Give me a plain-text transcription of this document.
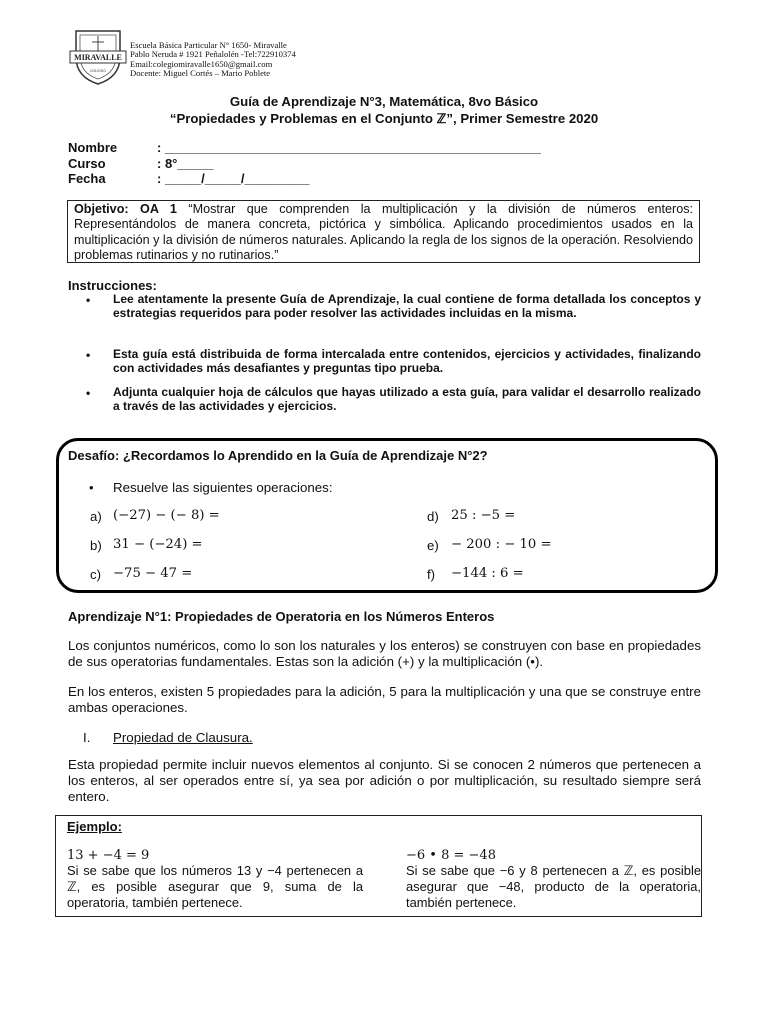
MIRAVALLE
COLEGIO
Escuela Básica Particular N° 1650- Miravalle
Pablo Neruda # 1921 Peñalolén -Tel:722910374
Email:colegiomiravalle1650@gmail.com
Docente: Miguel Cortés – Mario Poblete
Guía de Aprendizaje N°3, Matemática, 8vo Básico
“Propiedades y Problemas en el Conjunto ℤ”, Primer Semestre 2020
Nombre	: ____________________________________________________
Curso	: 8°_____
Fecha	: _____/_____/_________
Objetivo: OA 1 “Mostrar que comprenden la multiplicación y la división de números enteros: Representándolos de manera concreta, pictórica y simbólica. Aplicando procedimientos usados en la multiplicación y la división de números naturales. Aplicando la regla de los signos de la operación. Resolviendo problemas rutinarios y no rutinarios.”
Instrucciones:
• Lee atentamente la presente Guía de Aprendizaje, la cual contiene de forma detallada los conceptos y estrategias requeridos para poder resolver las actividades incluidas en la misma.
• Esta guía está distribuida de forma intercalada entre contenidos, ejercicios y actividades, finalizando con actividades más desafiantes y preguntas tipo prueba.
• Adjunta cualquier hoja de cálculos que hayas utilizado a esta guía, para validar el desarrollo realizado a través de las actividades y ejercicios.
Desafío: ¿Recordamos lo Aprendido en la Guía de Aprendizaje N°2?
• Resuelve las siguientes operaciones:
a) (−27) − (− 8) =
b) 31 − (−24) =
c) −75 − 47 =
d) 25 : −5 =
e) − 200 : − 10 =
f) −144 : 6 =
Aprendizaje N°1: Propiedades de Operatoria en los Números Enteros
Los conjuntos numéricos, como lo son los naturales y los enteros) se construyen con base en propiedades de sus operatorias fundamentales. Estas son la adición (+) y la multiplicación (•).
En los enteros, existen 5 propiedades para la adición, 5 para la multiplicación y una que se construye entre ambas operaciones.
I. Propiedad de Clausura.
Esta propiedad permite incluir nuevos elementos al conjunto. Si se conocen 2 números que pertenecen a los enteros, al ser operados entre sí, ya sea por adición o por multiplicación, su resultado siempre será entero.
Ejemplo:
13 + −4 = 9
Si se sabe que los números 13 y −4 pertenecen a ℤ, es posible asegurar que 9, suma de la operatoria, también pertenece.
−6 • 8 = −48
Si se sabe que −6 y 8 pertenecen a ℤ, es posible asegurar que −48, producto de la operatoria, también pertenece.
